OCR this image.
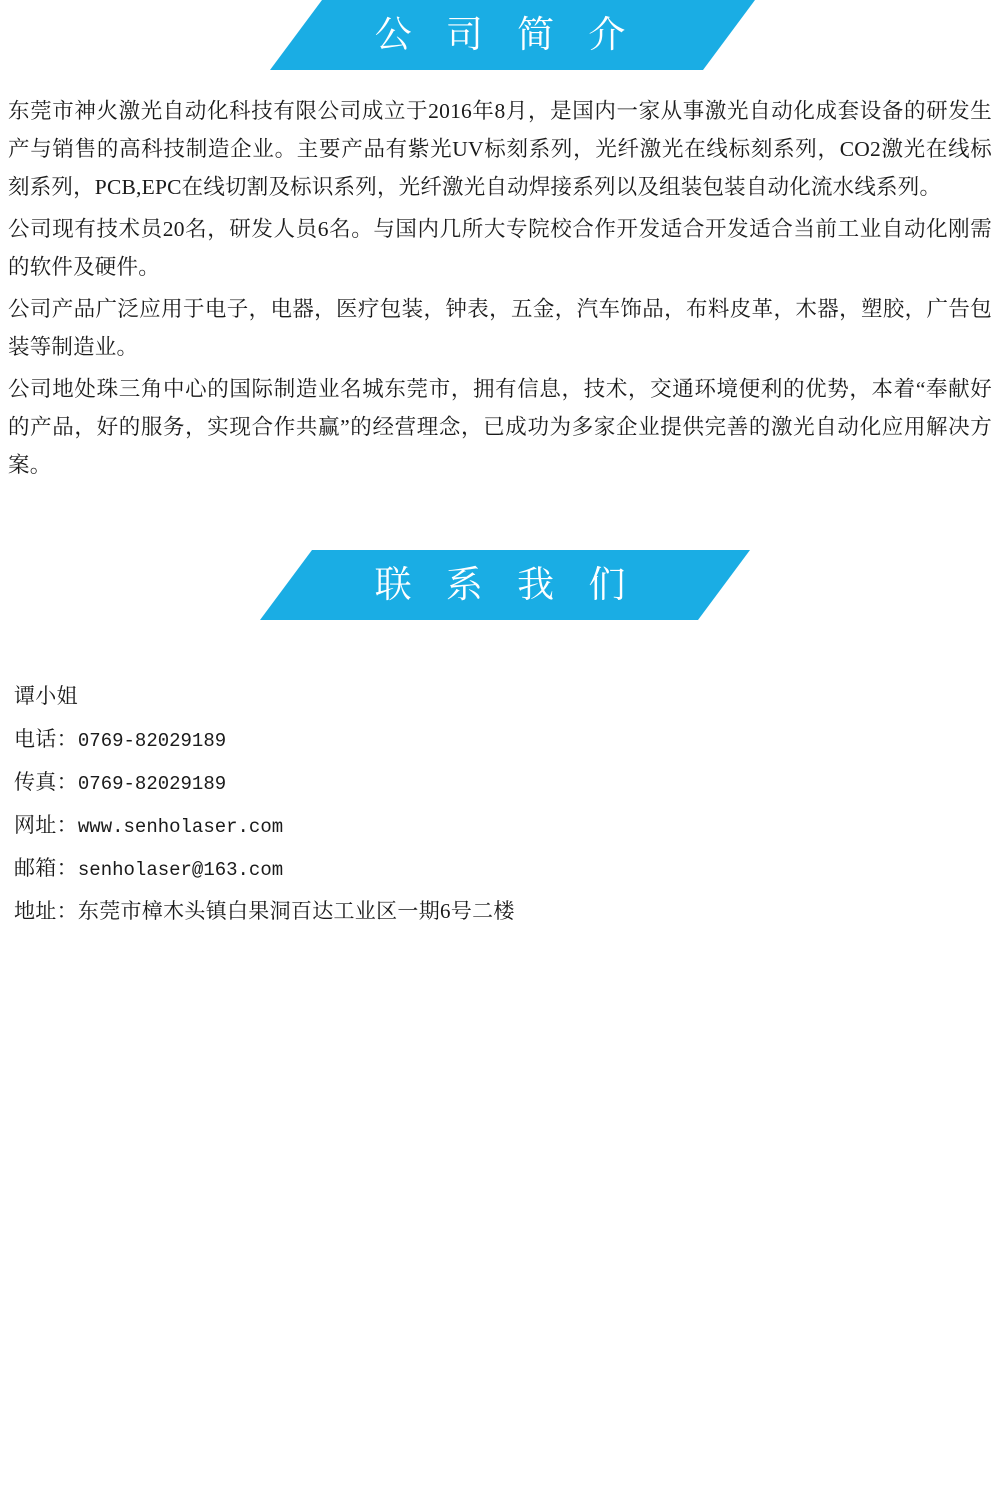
公 司 简 介

东莞市神火激光自动化科技有限公司成立于2016年8月，是国内一家从事激光自动化成套设备的研发生产与销售的高科技制造企业。主要产品有紫光UV标刻系列，光纤激光在线标刻系列，CO2激光在线标刻系列，PCB,EPC在线切割及标识系列，光纤激光自动焊接系列以及组装包装自动化流水线系列。

公司现有技术员20名，研发人员6名。与国内几所大专院校合作开发适合开发适合当前工业自动化刚需的软件及硬件。

公司产品广泛应用于电子，电器，医疗包装，钟表，五金，汽车饰品，布料皮革，木器，塑胶，广告包装等制造业。

公司地处珠三角中心的国际制造业名城东莞市，拥有信息，技术，交通环境便利的优势，本着“奉献好的产品，好的服务，实现合作共赢”的经营理念，已成功为多家企业提供完善的激光自动化应用解决方案。

联 系 我 们
谭小姐
电话：0769-82029189
传真：0769-82029189
网址：www.senholaser.com
邮箱：senholaser@163.com
地址：东莞市樟木头镇白果洞百达工业区一期6号二楼
